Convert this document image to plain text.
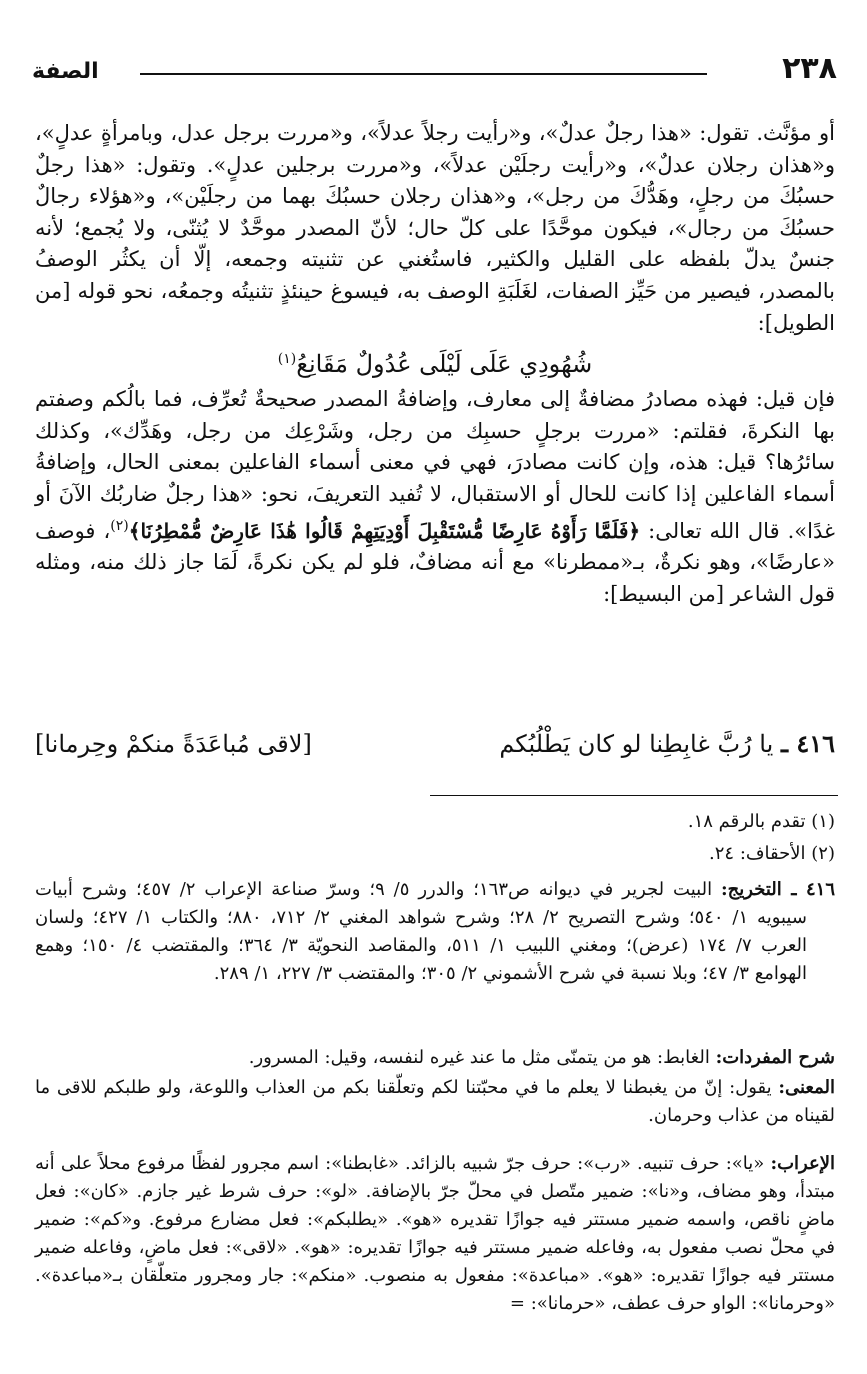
الصفة	٢٣٨

أو مؤنَّث. تقول: «هذا رجلٌ عدلٌ»، و«رأيت رجلاً عدلاً»، و«مررت برجل عدل، وبامرأةٍ عدلٍ»، و«هذان رجلان عدلٌ»، و«رأيت رجلَيْن عدلاً»، و«مررت برجلين عدلٍ». وتقول: «هذا رجلٌ حسبُكَ من رجلٍ، وهَدُّكَ من رجل»، و«هذان رجلان حسبُكَ بهما من رجلَيْن»، و«هؤلاء رجالٌ حسبُكَ من رجال»، فيكون موحَّدًا على كلّ حال؛ لأنّ المصدر موحَّدٌ لا يُثنّى، ولا يُجمع؛ لأنه جنسٌ يدلّ بلفظه على القليل والكثير، فاستُغني عن تثنيته وجمعه، إلّا أن يكثُر الوصفُ بالمصدر، فيصير من حَيِّز الصفات، لغَلَبَةِ الوصف به، فيسوغ حينئذٍ تثنيتُه وجمعُه، نحو قوله [من الطويل]:

شُهُودِي عَلَى لَيْلَى عُدُولٌ مَقَانِعُ$^{(١)}$

فإن قيل: فهذه مصادرُ مضافةٌ إلى معارف، وإضافةُ المصدر صحيحةٌ تُعرِّف، فما بالُكم وصفتم بها النكرةَ، فقلتم: «مررت برجلٍ حسبِك من رجل، وشَرْعِك من رجل، وهَدِّك»، وكذلك سائرُها؟ قيل: هذه، وإن كانت مصادرَ، فهي في معنى أسماء الفاعلين بمعنى الحال، وإضافةُ أسماء الفاعلين إذا كانت للحال أو الاستقبال، لا تُفيد التعريفَ، نحو: «هذا رجلٌ ضاربُك الآنَ أو غدًا». قال الله تعالى: ﴿فَلَمَّا رَأَوْهُ عَارِضًا مُّسْتَقْبِلَ أَوْدِيَتِهِمْ قَالُوا هَٰذَا عَارِضٌ مُّمْطِرُنَا﴾$^{(٢)}$، فوصف «عارضًا»، وهو نكرةٌ، بـ«ممطرنا» مع أنه مضافٌ، فلو لم يكن نكرةً، لَمَا جاز ذلك منه، ومثله قول الشاعر [من البسيط]:

٤١٦ ـ يا رُبَّ غابِطِنا لو كان يَطْلُبُكم
[لاقى مُباعَدَةً منكمْ وحِرمانا]

(١) تقدم بالرقم ١٨.

(٢) الأحقاف: ٢٤.

٤١٦ ـ التخريج: البيت لجرير في ديوانه ص١٦٣؛ والدرر ٥/ ٩؛ وسرّ صناعة الإعراب ٢/ ٤٥٧؛ وشرح أبيات سيبويه ١/ ٥٤٠؛ وشرح التصريح ٢/ ٢٨؛ وشرح شواهد المغني ٢/ ٧١٢، ٨٨٠؛ والكتاب ١/ ٤٢٧؛ ولسان العرب ٧/ ١٧٤ (عرض)؛ ومغني اللبيب ١/ ٥١١، والمقاصد النحويّة ٣/ ٣٦٤؛ والمقتضب ٤/ ١٥٠؛ وهمع الهوامع ٣/ ٤٧؛ وبلا نسبة في شرح الأشموني ٢/ ٣٠٥؛ والمقتضب ٣/ ٢٢٧، ١/ ٢٨٩.

شرح المفردات: الغابط: هو من يتمنّى مثل ما عند غيره لنفسه، وقيل: المسرور.

المعنى: يقول: إنّ من يغبطنا لا يعلم ما في محبّتنا لكم وتعلّقنا بكم من العذاب واللوعة، ولو طلبكم للاقى ما لقيناه من عذاب وحرمان.

الإعراب: «يا»: حرف تنبيه. «رب»: حرف جرّ شبيه بالزائد. «غابطنا»: اسم مجرور لفظًا مرفوع محلاً على أنه مبتدأ، وهو مضاف، و«نا»: ضمير متّصل في محلّ جرّ بالإضافة. «لو»: حرف شرط غير جازم. «كان»: فعل ماضٍ ناقص، واسمه ضمير مستتر فيه جوازًا تقديره «هو». «يطلبكم»: فعل مضارع مرفوع. و«كم»: ضمير في محلّ نصب مفعول به، وفاعله ضمير مستتر فيه جوازًا تقديره: «هو». «لاقى»: فعل ماضٍ، وفاعله ضمير مستتر فيه جوازًا تقديره: «هو». «مباعدة»: مفعول به منصوب. «منكم»: جار ومجرور متعلّقان بـ«مباعدة». «وحرمانا»: الواو حرف عطف، «حرمانا»: =
